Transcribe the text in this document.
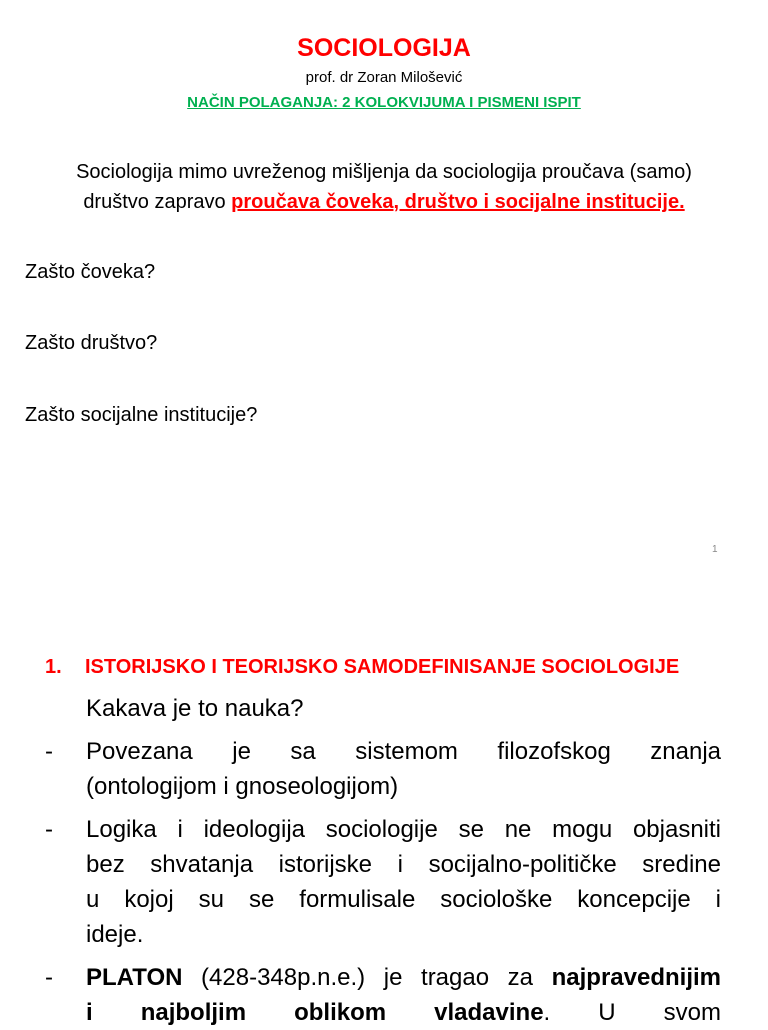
SOCIOLOGIJA
prof. dr Zoran Milošević
NAČIN POLAGANJA: 2 KOLOKVIJUMA I PISMENI ISPIT
Sociologija mimo uvreženog mišljenja da sociologija proučava (samo)
društvo zapravo proučava čoveka, društvo i socijalne institucije.
Zašto čoveka?
Zašto društvo?
Zašto socijalne institucije?
1
1. ISTORIJSKO I TEORIJSKO SAMODEFINISANJE SOCIOLOGIJE
Kakava je to nauka?
- Povezana je sa sistemom filozofskog znanja
(ontologijom i gnoseologijom)
- Logika i ideologija sociologije se ne mogu objasniti
bez shvatanja istorijske i socijalno-političke sredine
u kojoj su se formulisale sociološke koncepcije i
ideje.
- PLATON (428-348p.n.e.) je tragao za najpravednijim
i najboljim oblikom vladavine. U svom
